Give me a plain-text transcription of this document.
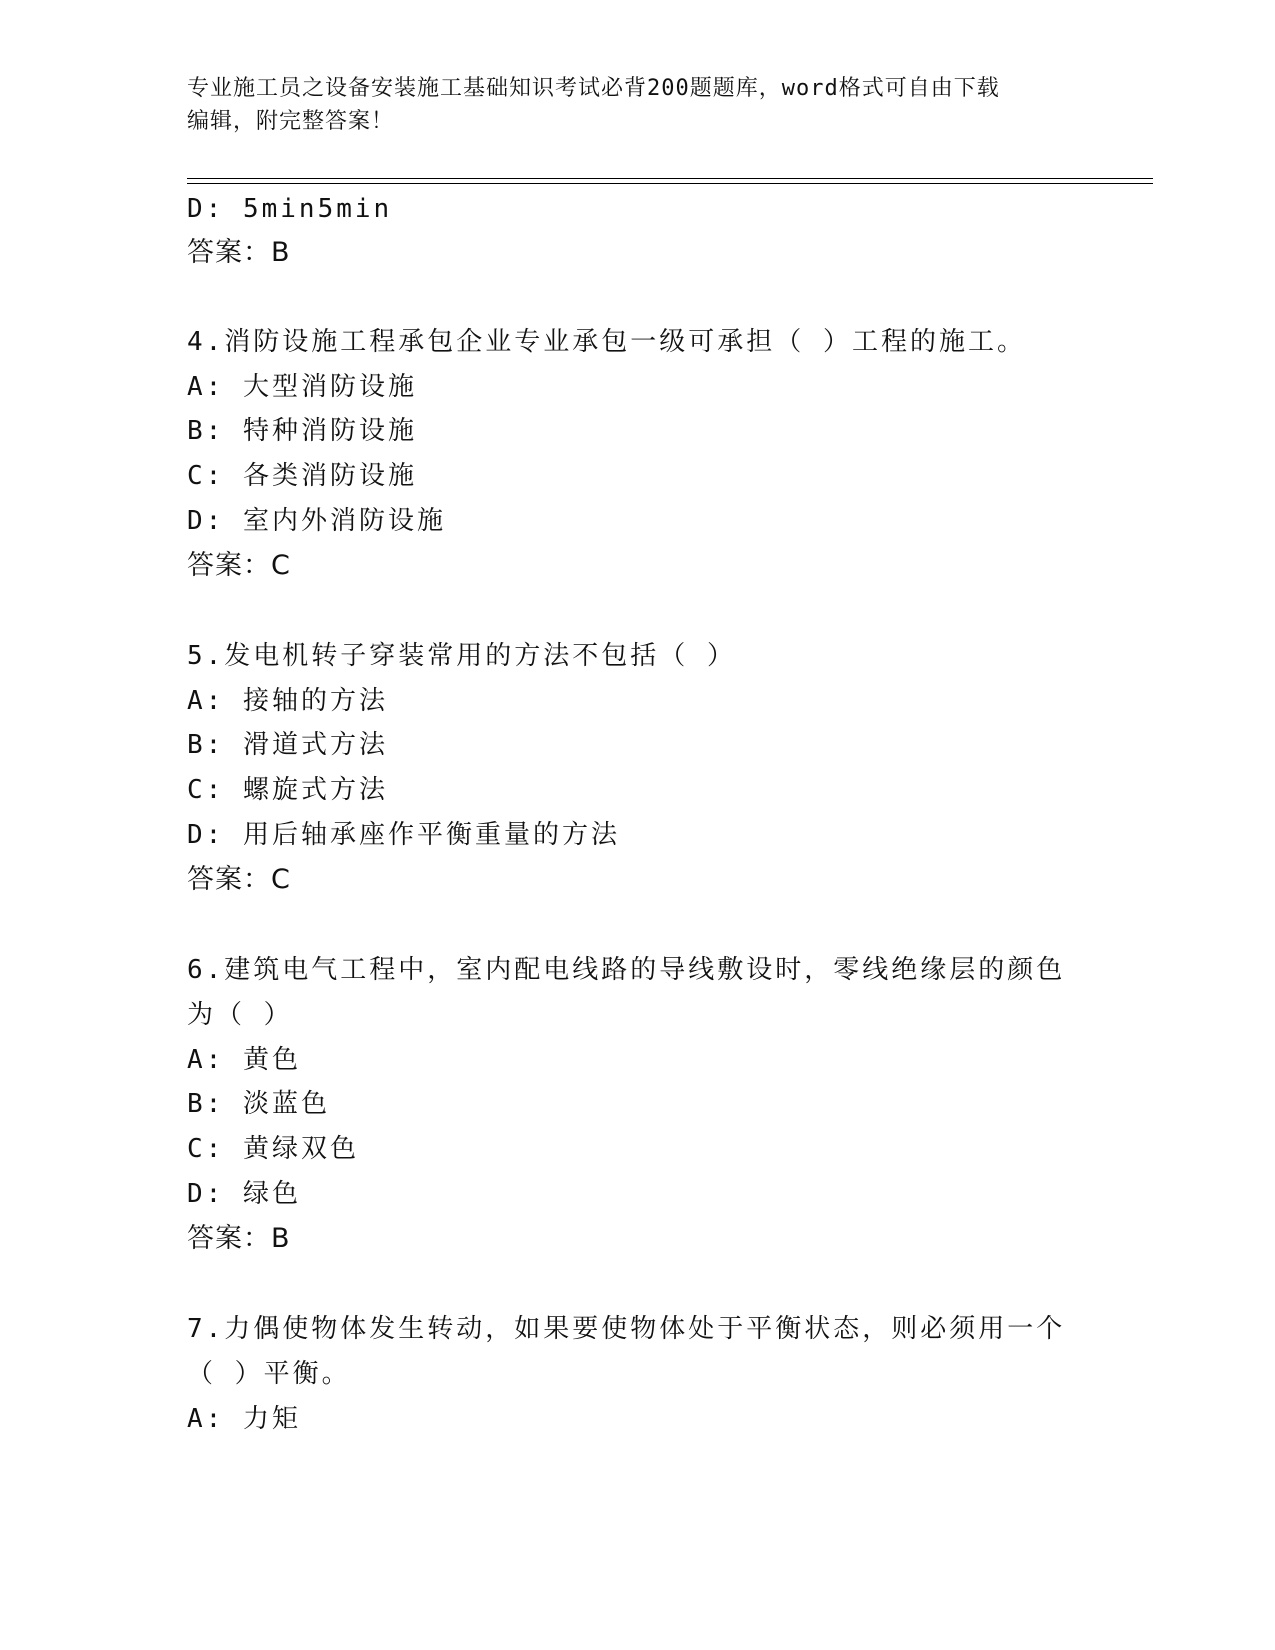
专业施工员之设备安装施工基础知识考试必背200题题库，word格式可自由下载
编辑，附完整答案！
D: 5min5min
答案：B
4.消防设施工程承包企业专业承包一级可承担（ ）工程的施工。
A: 大型消防设施
B: 特种消防设施
C: 各类消防设施
D: 室内外消防设施
答案：C
5.发电机转子穿装常用的方法不包括（ ）
A: 接轴的方法
B: 滑道式方法
C: 螺旋式方法
D: 用后轴承座作平衡重量的方法
答案：C
6.建筑电气工程中，室内配电线路的导线敷设时，零线绝缘层的颜色
为（ ）
A: 黄色
B: 淡蓝色
C: 黄绿双色
D: 绿色
答案：B
7.力偶使物体发生转动，如果要使物体处于平衡状态，则必须用一个
（ ）平衡。
A: 力矩
